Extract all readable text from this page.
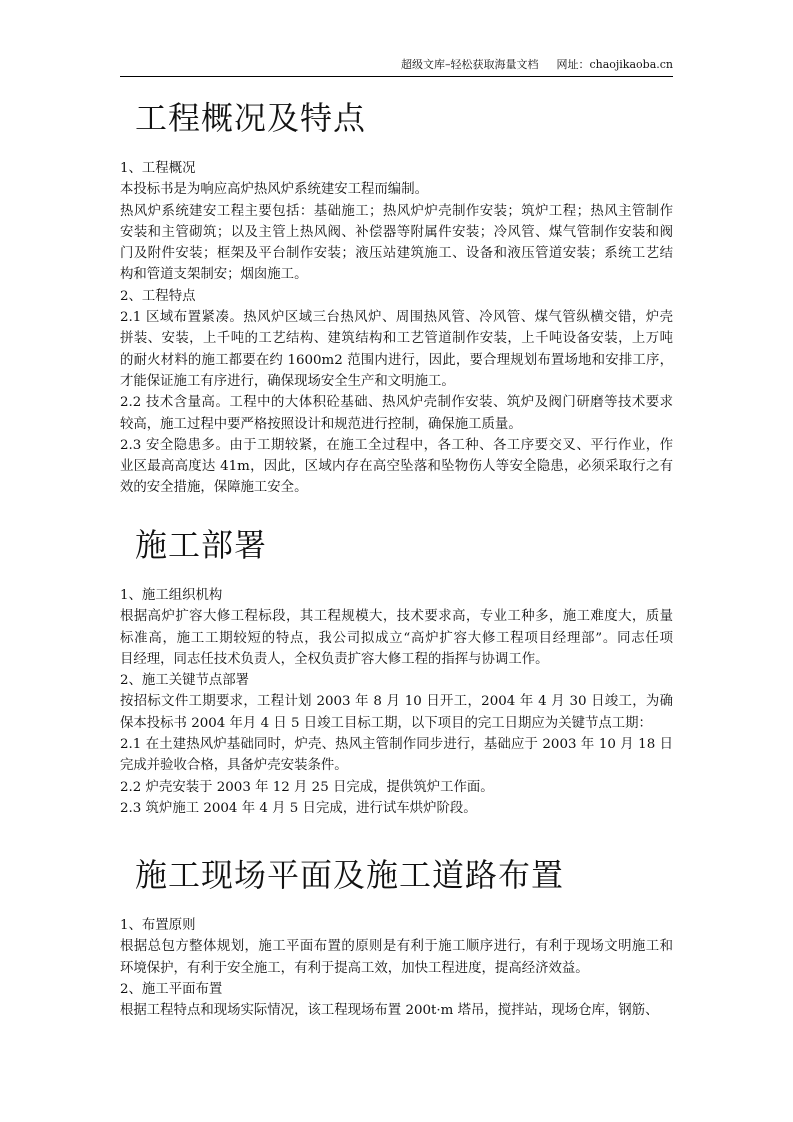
超级文库–轻松获取海量文档 网址：chaojikaoba.cn
工程概况及特点
1、工程概况
本投标书是为响应高炉热风炉系统建安工程而编制。
热风炉系统建安工程主要包括：基础施工；热风炉炉壳制作安装；筑炉工程；热风主管制作
安装和主管砌筑；以及主管上热风阀、补偿器等附属件安装；冷风管、煤气管制作安装和阀
门及附件安装；框架及平台制作安装；液压站建筑施工、设备和液压管道安装；系统工艺结
构和管道支架制安；烟囱施工。
2、工程特点
2.1 区域布置紧凑。热风炉区域三台热风炉、周围热风管、冷风管、煤气管纵横交错，炉壳
拼装、安装，上千吨的工艺结构、建筑结构和工艺管道制作安装，上千吨设备安装，上万吨
的耐火材料的施工都要在约 1600m2 范围内进行，因此，要合理规划布置场地和安排工序，
才能保证施工有序进行，确保现场安全生产和文明施工。
2.2 技术含量高。工程中的大体积砼基础、热风炉壳制作安装、筑炉及阀门研磨等技术要求
较高，施工过程中要严格按照设计和规范进行控制，确保施工质量。
2.3 安全隐患多。由于工期较紧，在施工全过程中，各工种、各工序要交叉、平行作业，作
业区最高高度达 41m，因此，区域内存在高空坠落和坠物伤人等安全隐患，必须采取行之有
效的安全措施，保障施工安全。
施工部署
1、施工组织机构
根据高炉扩容大修工程标段，其工程规模大，技术要求高，专业工种多，施工难度大，质量
标准高，施工工期较短的特点，我公司拟成立“高炉扩容大修工程项目经理部”。同志任项
目经理，同志任技术负责人，全权负责扩容大修工程的指挥与协调工作。
2、施工关键节点部署
按招标文件工期要求，工程计划 2003 年 8 月 10 日开工，2004 年 4 月 30 日竣工，为确
保本投标书 2004 年月 4 日 5 日竣工目标工期，以下项目的完工日期应为关键节点工期：
2.1 在土建热风炉基础同时，炉壳、热风主管制作同步进行，基础应于 2003 年 10 月 18 日
完成并验收合格，具备炉壳安装条件。
2.2 炉壳安装于 2003 年 12 月 25 日完成，提供筑炉工作面。
2.3 筑炉施工 2004 年 4 月 5 日完成，进行试车烘炉阶段。
施工现场平面及施工道路布置
1、布置原则
根据总包方整体规划，施工平面布置的原则是有利于施工顺序进行，有利于现场文明施工和
环境保护，有利于安全施工，有利于提高工效，加快工程进度，提高经济效益。
2、施工平面布置
根据工程特点和现场实际情况，该工程现场布置 200t·m 塔吊，搅拌站，现场仓库，钢筋、
